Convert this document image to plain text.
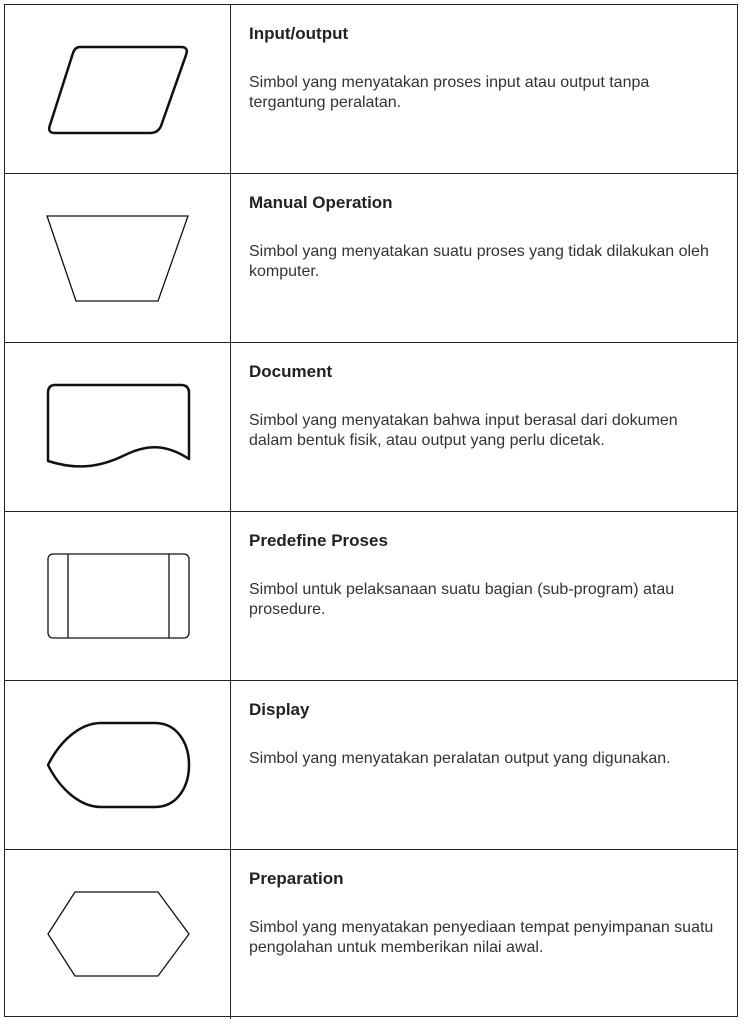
Input/output

Simbol yang menyatakan proses input atau output tanpa tergantung peralatan.

Manual Operation

Simbol yang menyatakan suatu proses yang tidak dilakukan oleh komputer.

Document

Simbol yang menyatakan bahwa input berasal dari dokumen dalam bentuk fisik, atau output yang perlu dicetak.

Predefine Proses

Simbol untuk pelaksanaan suatu bagian (sub-program) atau prosedure.

Display

Simbol yang menyatakan peralatan output yang digunakan.

Preparation

Simbol yang menyatakan penyediaan tempat penyimpanan suatu pengolahan untuk memberikan nilai awal.
